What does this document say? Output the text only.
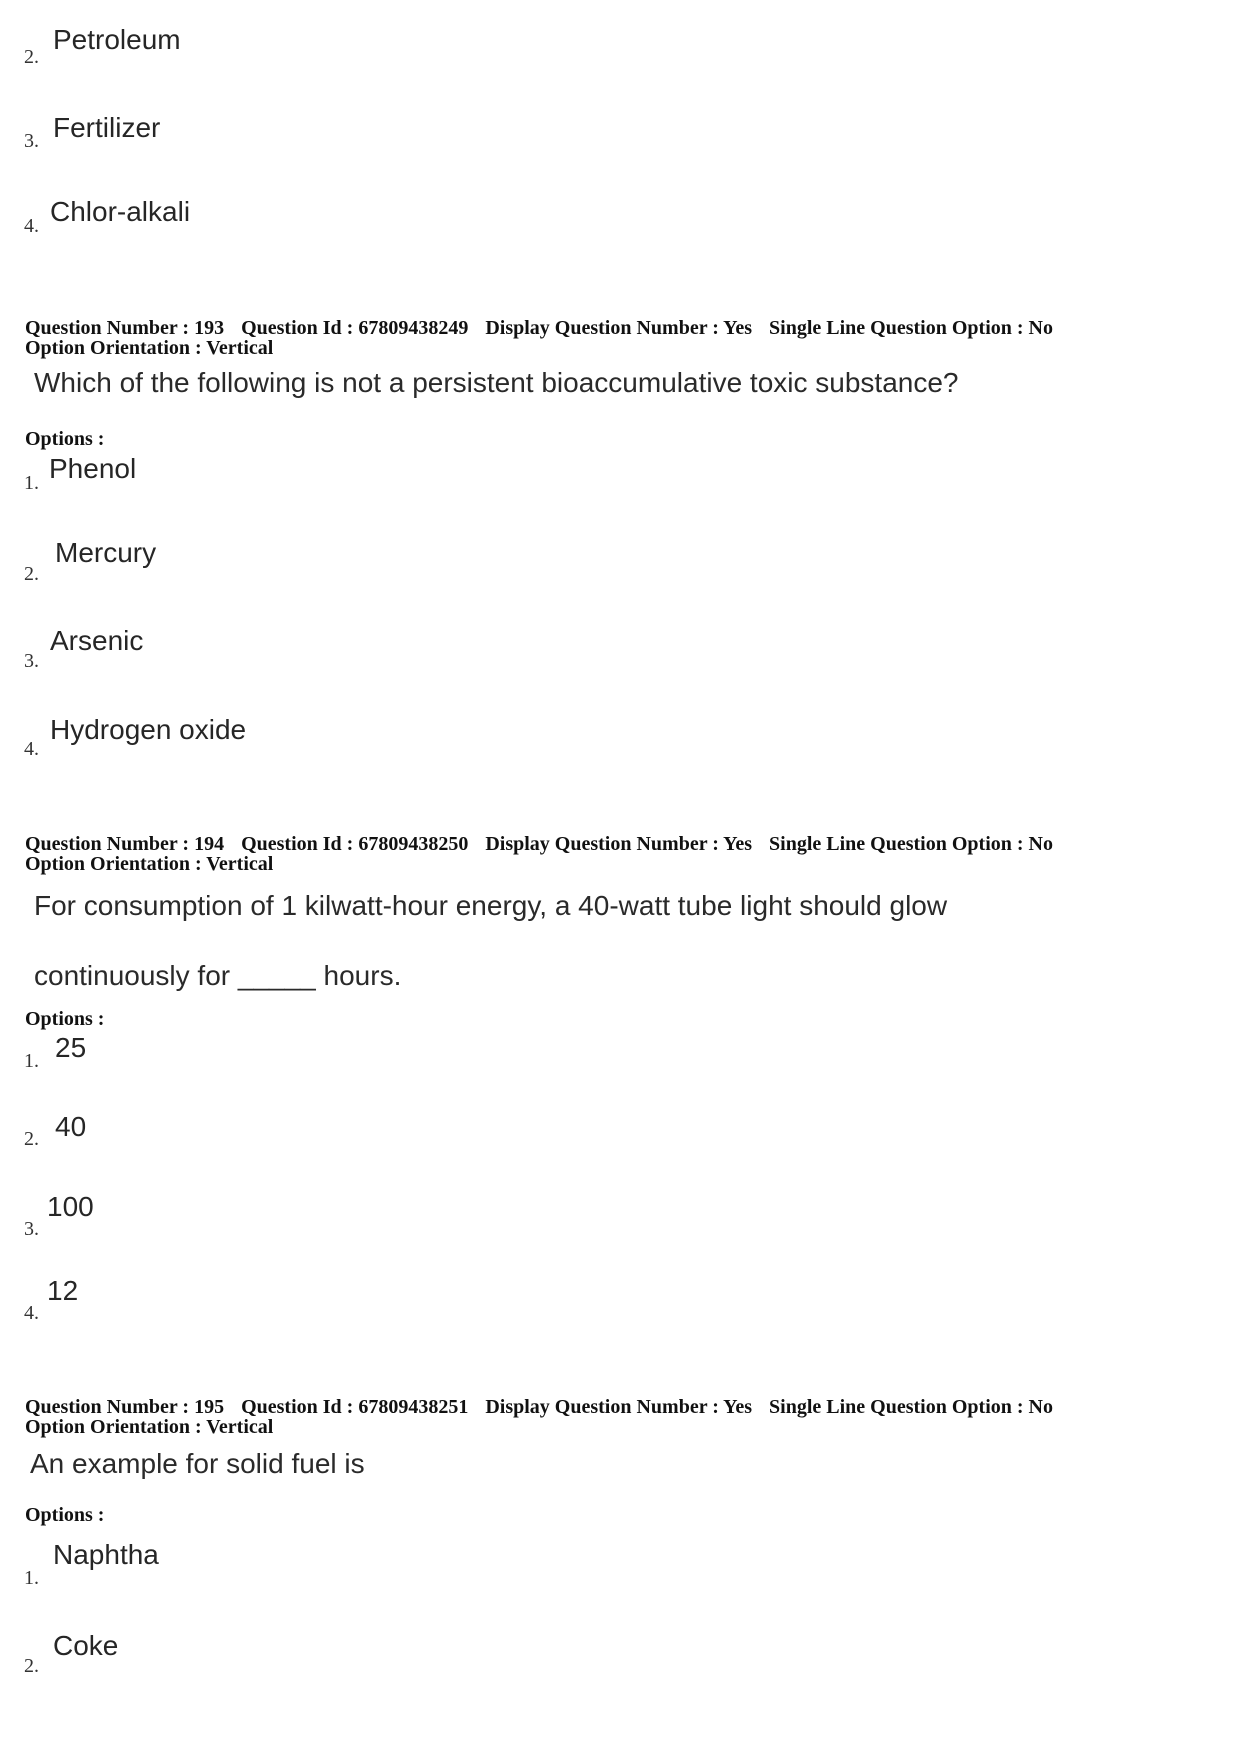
2.
Petroleum
3. Fertilizer
4. Chlor-alkali
Question Number : 193 Question Id : 67809438249 Display Question Number : Yes Single Line Question Option : No Option Orientation : Vertical
Which of the following is not a persistent bioaccumulative toxic substance?
Options :
1. Phenol
2.
Mercury
3.
Arsenic
4.
Hydrogen oxide
Question Number : 194 Question Id : 67809438250 Display Question Number : Yes Single Line Question Option : No Option Orientation : Vertical
For consumption of 1 kilwatt-hour energy, a 40-watt tube light should glow
continuously for _____ hours.
Options :
1. 25
2. 40
3.
100
4.
12
Question Number : 195 Question Id : 67809438251 Display Question Number : Yes Single Line Question Option : No Option Orientation : Vertical
An example for solid fuel is
Options :
1.
Naphtha
2.
Coke
